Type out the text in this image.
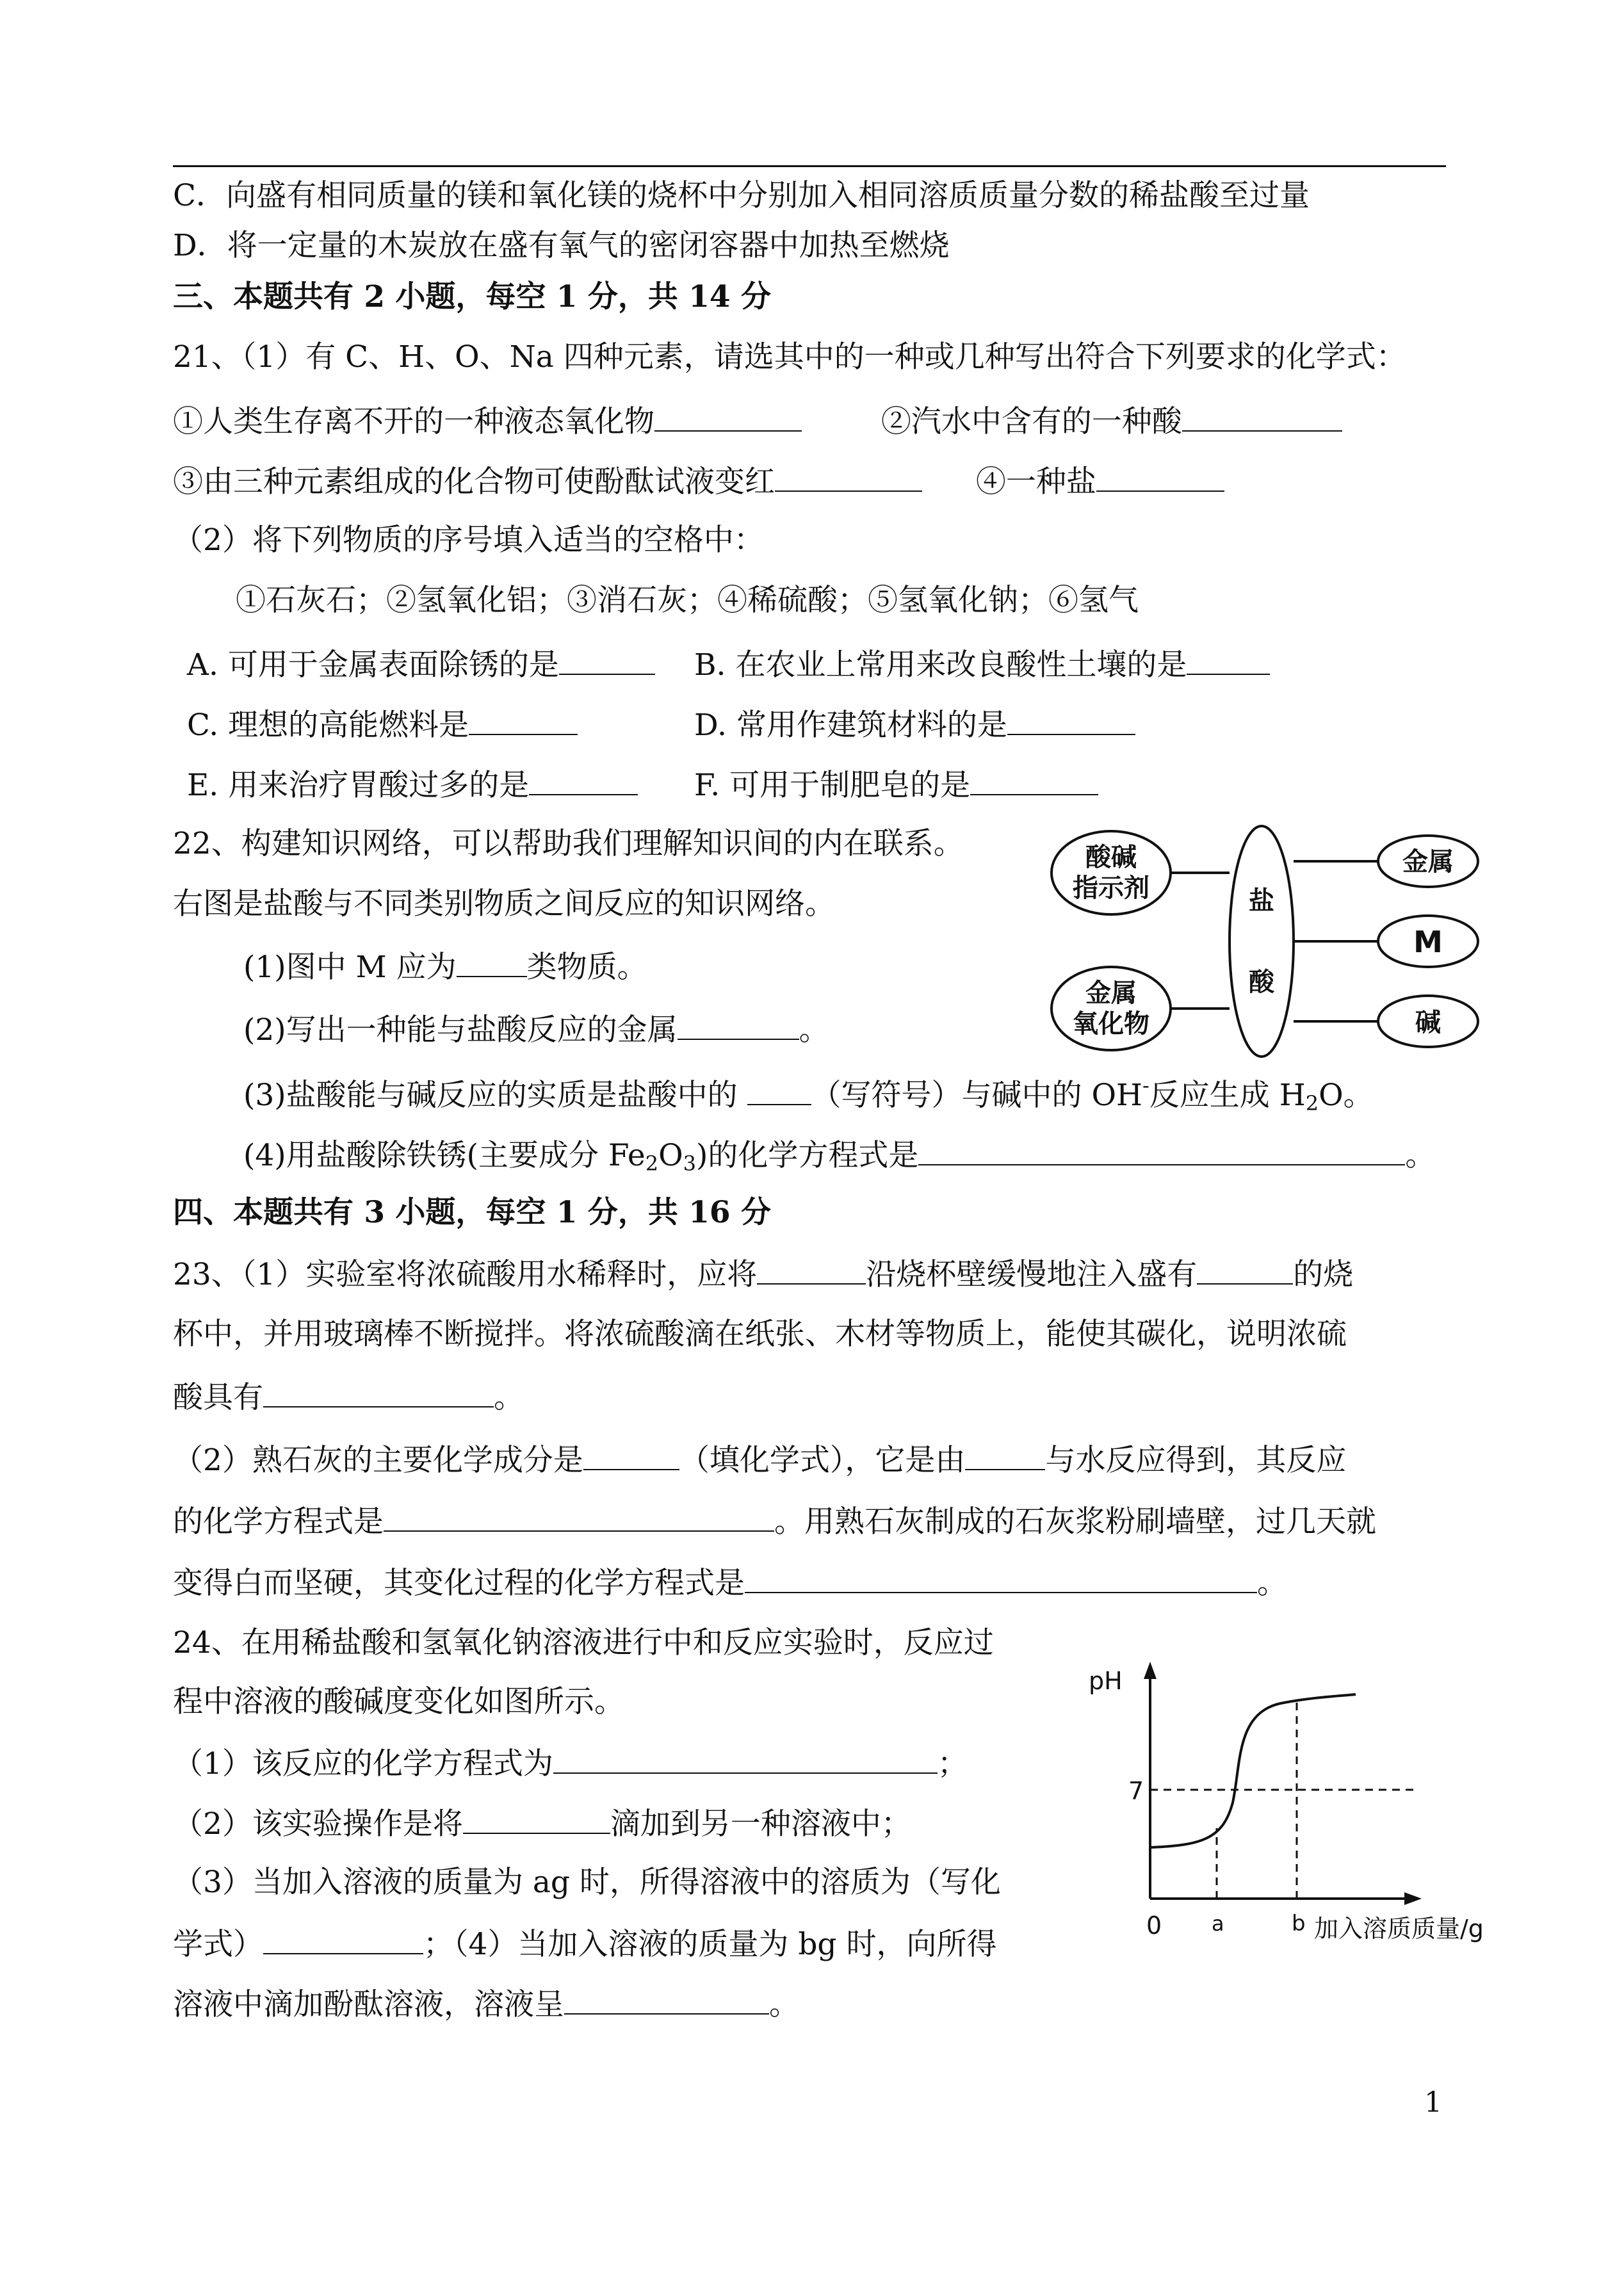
C．向盛有相同质量的镁和氧化镁的烧杯中分别加入相同溶质质量分数的稀盐酸至过量
D．将一定量的木炭放在盛有氧气的密闭容器中加热至燃烧
三、本题共有 2 小题，每空 1 分，共 14 分
21、（1）有 C、H、O、Na 四种元素，请选其中的一种或几种写出符合下列要求的化学式：
①人类生存离不开的一种液态氧化物	②汽水中含有的一种酸
③由三种元素组成的化合物可使酚酞试液变红	④一种盐
（2）将下列物质的序号填入适当的空格中：
①石灰石；②氢氧化铝；③消石灰；④稀硫酸；⑤氢氧化钠；⑥氢气
A. 可用于金属表面除锈的是	B. 在农业上常用来改良酸性土壤的是
C. 理想的高能燃料是	D. 常用作建筑材料的是
E. 用来治疗胃酸过多的是	F. 可用于制肥皂的是
22、构建知识网络，可以帮助我们理解知识间的内在联系。
右图是盐酸与不同类别物质之间反应的知识网络。
酸碱
指示剂
金属
氧化物
盐
酸
金属
M
碱
(1)图中 M 应为 类物质。
(2)写出一种能与盐酸反应的金属	。
(3)盐酸能与碱反应的实质是盐酸中的 （写符号）与碱中的 OH-反应生成 $H_2O$。
(4)用盐酸除铁锈(主要成分 $Fe_2O_3$)的化学方程式是	。
四、本题共有 3 小题，每空 1 分，共 16 分
23、（1）实验室将浓硫酸用水稀释时，应将	沿烧杯壁缓慢地注入盛有	的烧
杯中，并用玻璃棒不断搅拌。将浓硫酸滴在纸张、木材等物质上，能使其碳化，说明浓硫
酸具有	。
（2）熟石灰的主要化学成分是	（填化学式），它是由	与水反应得到，其反应
的化学方程式是	。用熟石灰制成的石灰浆粉刷墙壁，过几天就
变得白而坚硬，其变化过程的化学方程式是	。
24、在用稀盐酸和氢氧化钠溶液进行中和反应实验时，反应过
程中溶液的酸碱度变化如图所示。
（1）该反应的化学方程式为	；
（2）该实验操作是将	滴加到另一种溶液中；
（3）当加入溶液的质量为 ag 时，所得溶液中的溶质为（写化
学式）	；（4）当加入溶液的质量为 bg 时，向所得
溶液中滴加酚酞溶液，溶液呈	。
pH
7
0 a	b 加入溶质质量/g
1
